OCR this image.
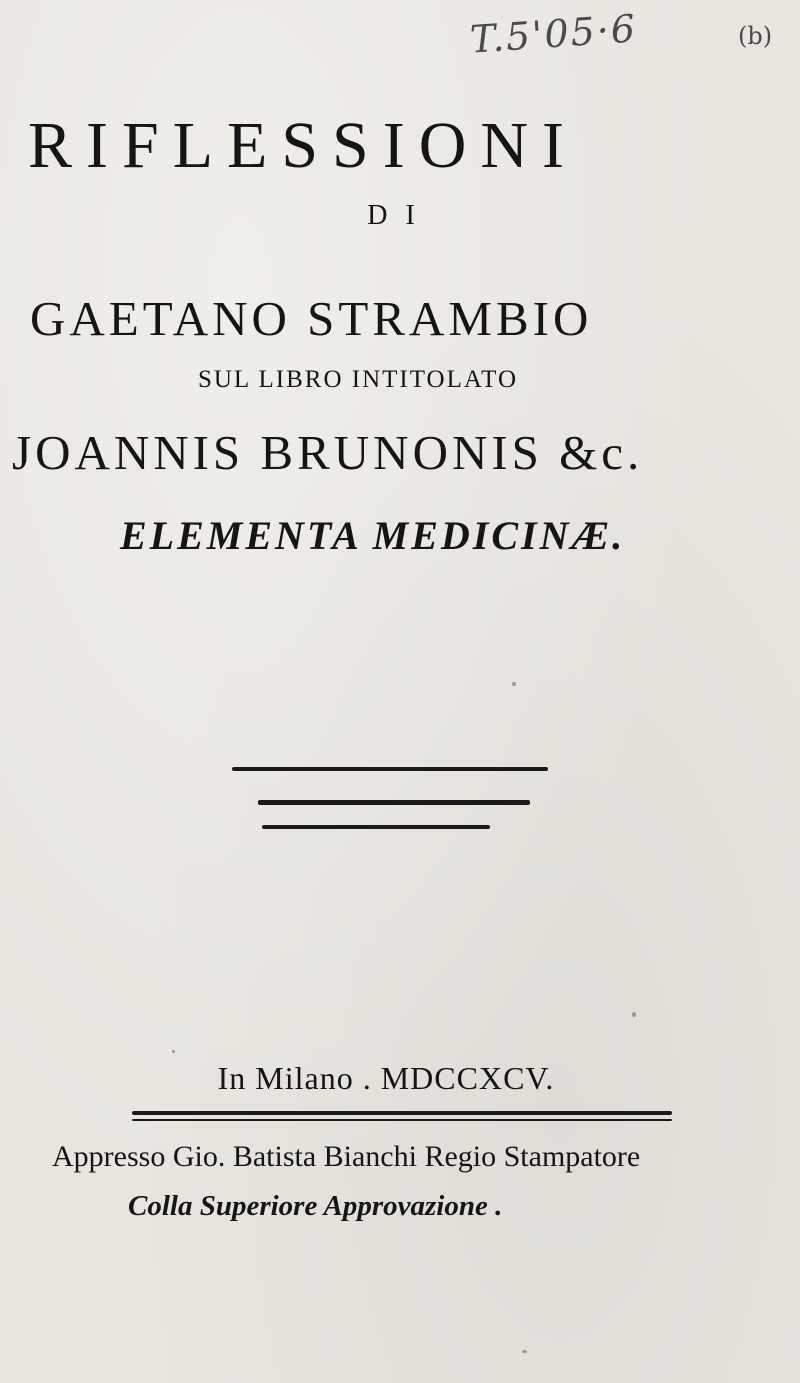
T.5'05·6	(b)
RIFLESSIONI
DI
GAETANO STRAMBIO
SUL LIBRO INTITOLATO
JOANNIS BRUNONIS &c.
ELEMENTA MEDICINÆ.
In Milano . MDCCXCV.
Appresso Gio. Batista Bianchi Regio Stampatore
Colla Superiore Approvazione .
